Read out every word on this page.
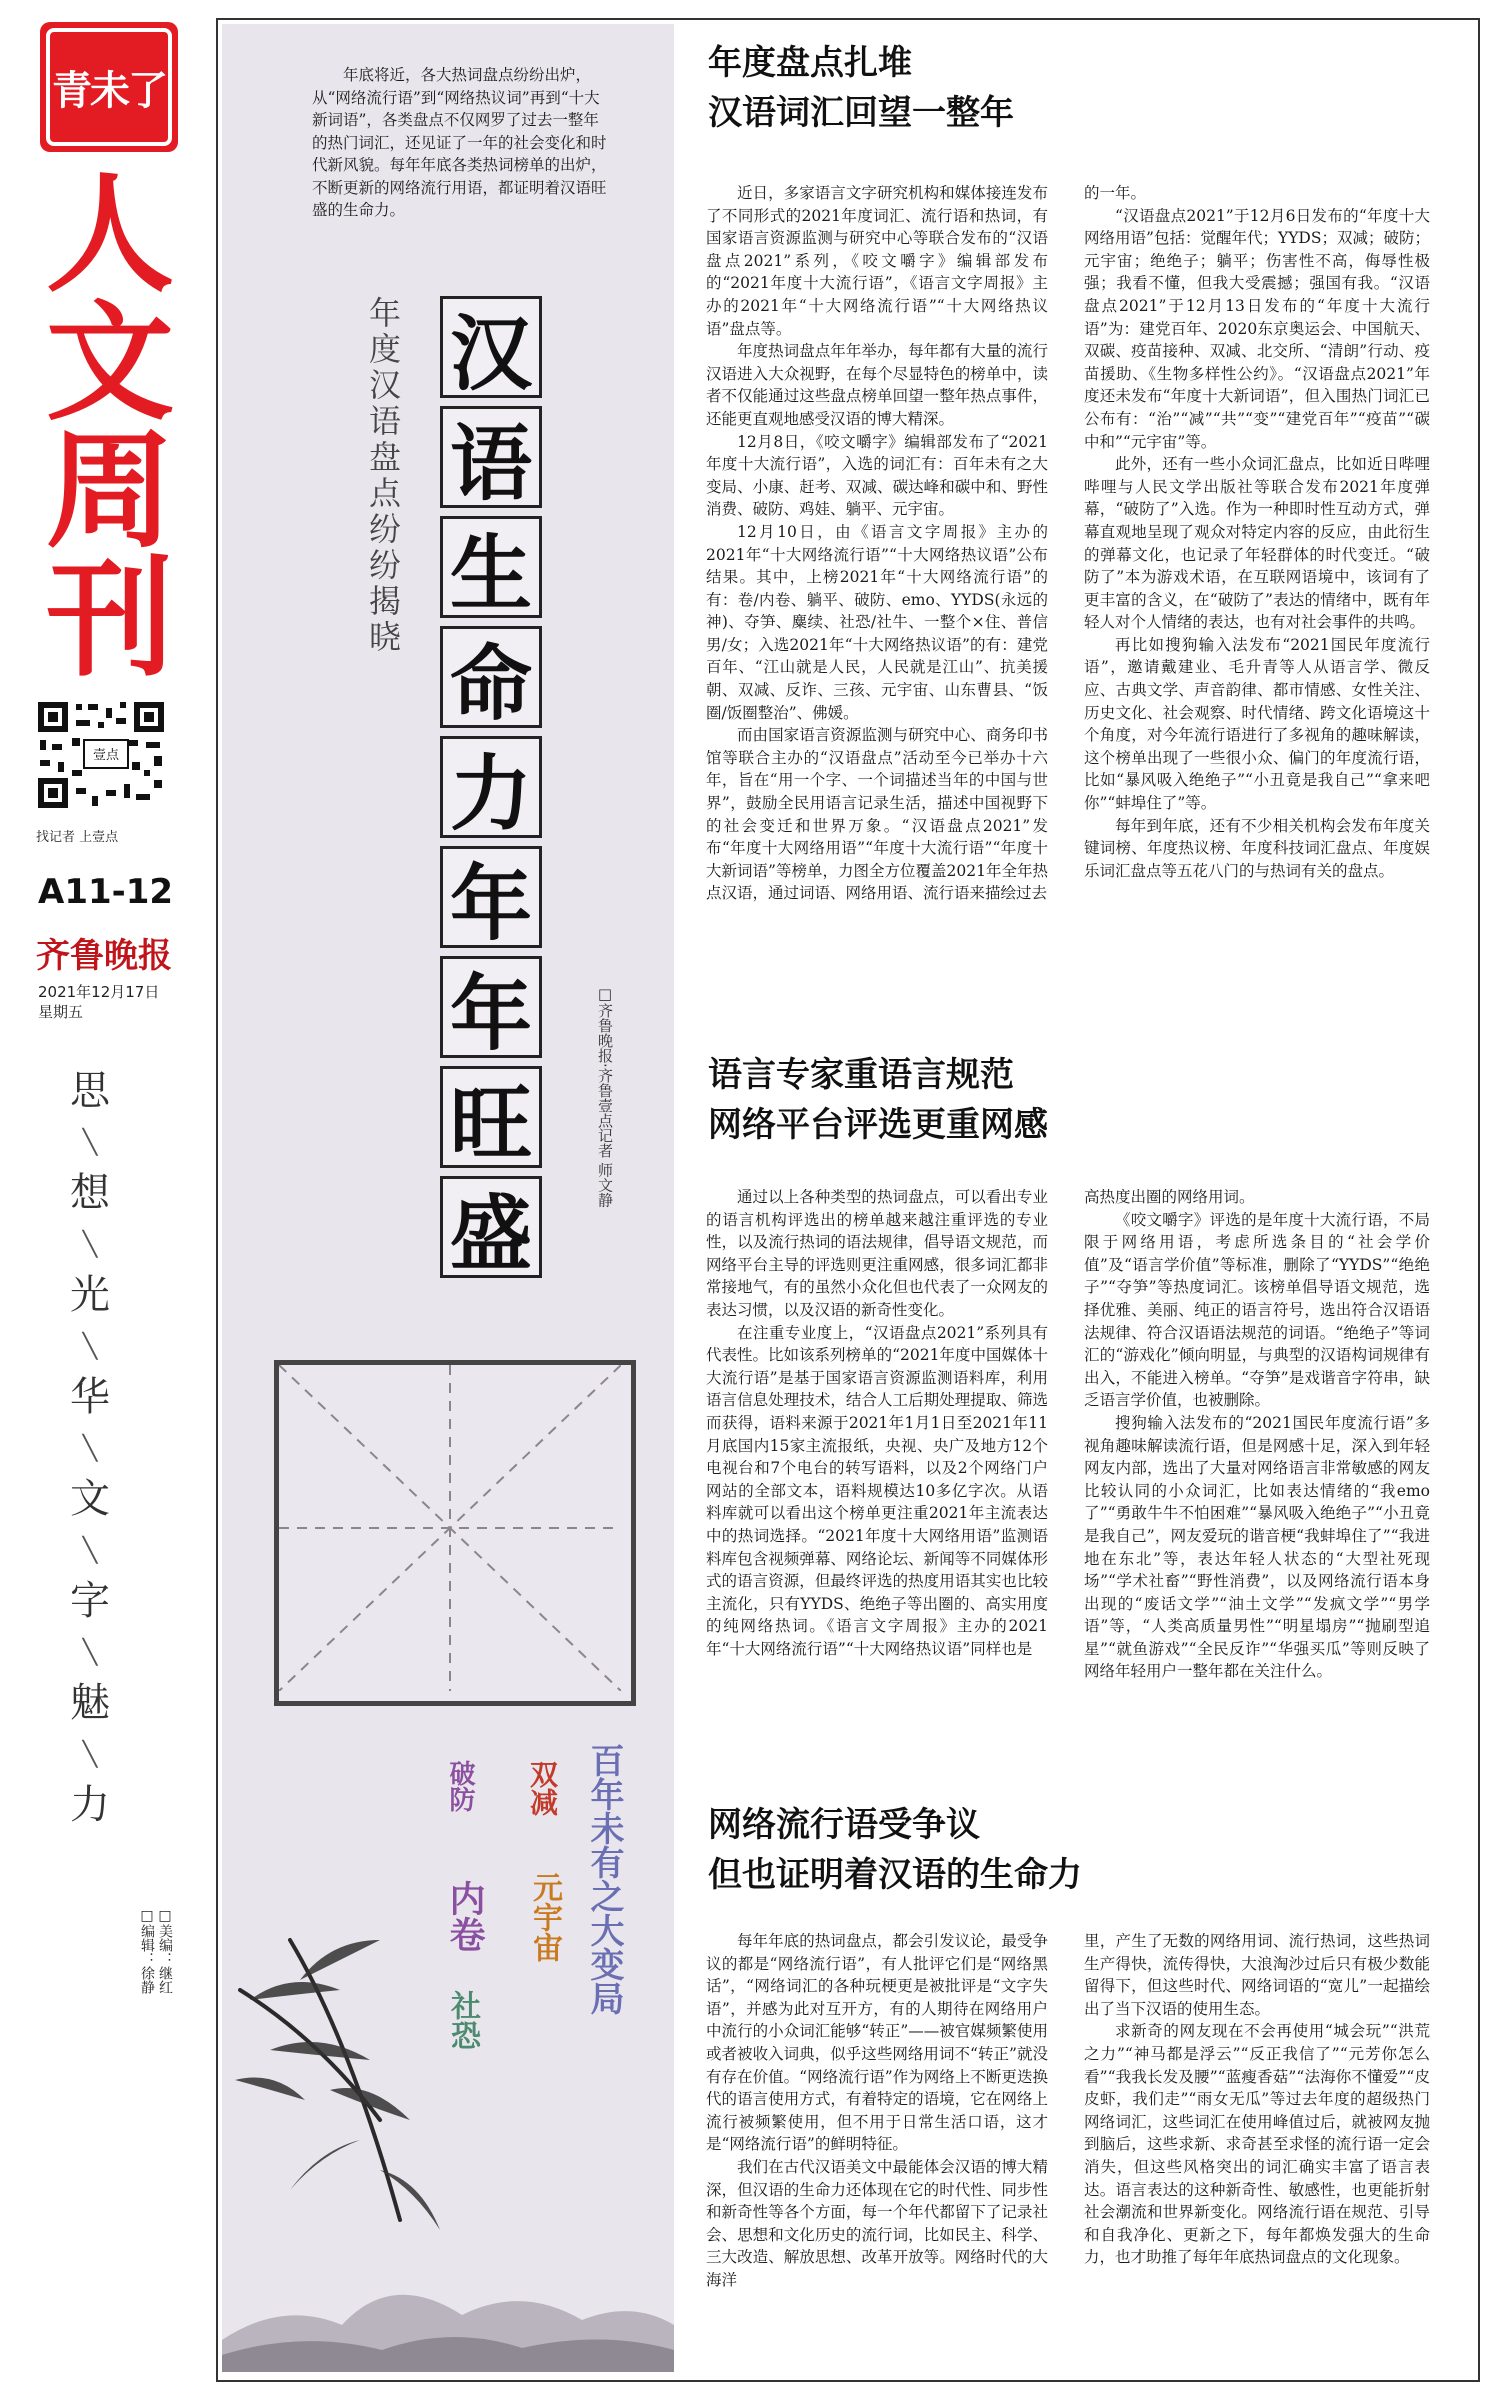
青未了
人
文
周
刊
壹点
找记者 上壹点
A11-12
齐鲁晚报
2021年12月17日
星期五
思
╲
想
╲
光
╲
华
╲
文
╲
字
╲
魅
╲
力
□美编：继红
□编辑：徐静
年底将近，各大热词盘点纷纷出炉，从“网络流行语”到“网络热议词”再到“十大新词语”，各类盘点不仅网罗了过去一整年的热门词汇，还见证了一年的社会变化和时代新风貌。每年年底各类热词榜单的出炉，不断更新的网络流行用语，都证明着汉语旺盛的生命力。
年度汉语盘点纷纷揭晓 汉
语
生
命
力
年
年
旺
盛
□齐鲁晚报·齐鲁壹点记者 师文静
百年未有之大变局
双减
元宇宙
破防
内卷
社恐
年度盘点扎堆
汉语词汇回望一整年

近日，多家语言文字研究机构和媒体接连发布了不同形式的2021年度词汇、流行语和热词，有国家语言资源监测与研究中心等联合发布的“汉语盘点2021”系列，《咬文嚼字》编辑部发布的“2021年度十大流行语”，《语言文字周报》主办的2021年“十大网络流行语”“十大网络热议语”盘点等。

年度热词盘点年年举办，每年都有大量的流行汉语进入大众视野，在每个尽显特色的榜单中，读者不仅能通过这些盘点榜单回望一整年热点事件，还能更直观地感受汉语的博大精深。

12月8日，《咬文嚼字》编辑部发布了“2021年度十大流行语”，入选的词汇有：百年未有之大变局、小康、赶考、双减、碳达峰和碳中和、野性消费、破防、鸡娃、躺平、元宇宙。

12月10日，由《语言文字周报》主办的2021年“十大网络流行语”“十大网络热议语”公布结果。其中，上榜2021年“十大网络流行语”的有：卷/内卷、躺平、破防、emo、YYDS(永远的神)、夺笋、麋续、社恐/社牛、一整个×住、普信男/女；入选2021年“十大网络热议语”的有：建党百年、“江山就是人民，人民就是江山”、抗美援朝、双减、反诈、三孩、元宇宙、山东曹县、“饭圈/饭圈整治”、佛媛。

而由国家语言资源监测与研究中心、商务印书馆等联合主办的“汉语盘点”活动至今已举办十六年，旨在“用一个字、一个词描述当年的中国与世界”，鼓励全民用语言记录生活，描述中国视野下的社会变迁和世界万象。“汉语盘点2021”发布“年度十大网络用语”“年度十大流行语”“年度十大新词语”等榜单，力图全方位覆盖2021年全年热点汉语，通过词语、网络用语、流行语来描绘过去

的一年。

“汉语盘点2021”于12月6日发布的“年度十大网络用语”包括：觉醒年代；YYDS；双减；破防；元宇宙；绝绝子；躺平；伤害性不高，侮辱性极强；我看不懂，但我大受震撼；强国有我。“汉语盘点2021”于12月13日发布的“年度十大流行语”为：建党百年、2020东京奥运会、中国航天、双碳、疫苗接种、双减、北交所、“清朗”行动、疫苗援助、《生物多样性公约》。“汉语盘点2021”年度还未发布“年度十大新词语”，但入围热门词汇已公布有：“治”“减”“共”“变”“建党百年”“疫苗”“碳中和”“元宇宙”等。

此外，还有一些小众词汇盘点，比如近日哔哩哔哩与人民文学出版社等联合发布2021年度弹幕，“破防了”入选。作为一种即时性互动方式，弹幕直观地呈现了观众对特定内容的反应，由此衍生的弹幕文化，也记录了年轻群体的时代变迁。“破防了”本为游戏术语，在互联网语境中，该词有了更丰富的含义，在“破防了”表达的情绪中，既有年轻人对个人情绪的表达，也有对社会事件的共鸣。

再比如搜狗输入法发布“2021国民年度流行语”，邀请戴建业、毛升青等人从语言学、微反应、古典文学、声音韵律、都市情感、女性关注、历史文化、社会观察、时代情绪、跨文化语境这十个角度，对今年流行语进行了多视角的趣味解读，这个榜单出现了一些很小众、偏门的年度流行语，比如“暴风吸入绝绝子”“小丑竟是我自己”“拿来吧你”“蚌埠住了”等。

每年到年底，还有不少相关机构会发布年度关键词榜、年度热议榜、年度科技词汇盘点、年度娱乐词汇盘点等五花八门的与热词有关的盘点。

语言专家重语言规范
网络平台评选更重网感

通过以上各种类型的热词盘点，可以看出专业的语言机构评选出的榜单越来越注重评选的专业性，以及流行热词的语法规律，倡导语文规范，而网络平台主导的评选则更注重网感，很多词汇都非常接地气，有的虽然小众化但也代表了一众网友的表达习惯，以及汉语的新奇性变化。

在注重专业度上，“汉语盘点2021”系列具有代表性。比如该系列榜单的“2021年度中国媒体十大流行语”是基于国家语言资源监测语料库，利用语言信息处理技术，结合人工后期处理提取、筛选而获得，语料来源于2021年1月1日至2021年11月底国内15家主流报纸，央视、央广及地方12个电视台和7个电台的转写语料，以及2个网络门户网站的全部文本，语料规模达10多亿字次。从语料库就可以看出这个榜单更注重2021年主流表达中的热词选择。“2021年度十大网络用语”监测语料库包含视频弹幕、网络论坛、新闻等不同媒体形式的语言资源，但最终评选的热度用语其实也比较主流化，只有YYDS、绝绝子等出圈的、高实用度的纯网络热词。《语言文字周报》主办的2021年“十大网络流行语”“十大网络热议语”同样也是

高热度出圈的网络用词。

《咬文嚼字》评选的是年度十大流行语，不局限于网络用语，考虑所选条目的“社会学价值”及“语言学价值”等标准，删除了“YYDS”“绝绝子”“夺笋”等热度词汇。该榜单倡导语文规范，选择优雅、美丽、纯正的语言符号，选出符合汉语语法规律、符合汉语语法规范的词语。“绝绝子”等词汇的“游戏化”倾向明显，与典型的汉语构词规律有出入，不能进入榜单。“夺笋”是戏谐音字符串，缺乏语言学价值，也被删除。

搜狗输入法发布的“2021国民年度流行语”多视角趣味解读流行语，但是网感十足，深入到年轻网友内部，选出了大量对网络语言非常敏感的网友比较认同的小众词汇，比如表达情绪的“我emo了”“勇敢牛牛不怕困难”“暴风吸入绝绝子”“小丑竟是我自己”，网友爱玩的谐音梗“我蚌埠住了”“我进地在东北”等，表达年轻人状态的“大型社死现场”“学术社畜”“野性消费”，以及网络流行语本身出现的“废话文学”“油土文学”“发疯文学”“男学语”等，“人类高质量男性”“明星塌房”“抛刷型追星”“就鱼游戏”“全民反诈”“华强买瓜”等则反映了网络年轻用户一整年都在关注什么。

网络流行语受争议
但也证明着汉语的生命力

每年年底的热词盘点，都会引发议论，最受争议的都是“网络流行语”，有人批评它们是“网络黑话”，“网络词汇的各种玩梗更是被批评是“文字失语”，并感为此对互开方，有的人期待在网络用户中流行的小众词汇能够“转正”——被官媒频繁使用或者被收入词典，似乎这些网络用词不“转正”就没有存在价值。“网络流行语”作为网络上不断更迭换代的语言使用方式，有着特定的语境，它在网络上流行被频繁使用，但不用于日常生活口语，这才是“网络流行语”的鲜明特征。

我们在古代汉语美文中最能体会汉语的博大精深，但汉语的生命力还体现在它的时代性、同步性和新奇性等各个方面，每一个年代都留下了记录社会、思想和文化历史的流行词，比如民主、科学、三大改造、解放思想、改革开放等。网络时代的大海洋

里，产生了无数的网络用词、流行热词，这些热词生产得快，流传得快，大浪淘沙过后只有极少数能留得下，但这些时代、网络词语的“宽儿”一起描绘出了当下汉语的使用生态。

求新奇的网友现在不会再使用“城会玩”“洪荒之力”“神马都是浮云”“反正我信了”“元芳你怎么看”“我我长发及腰”“蓝瘦香菇”“法海你不懂爱”“皮皮虾，我们走”“雨女无瓜”等过去年度的超级热门网络词汇，这些词汇在使用峰值过后，就被网友抛到脑后，这些求新、求奇甚至求怪的流行语一定会消失，但这些风格突出的词汇确实丰富了语言表达。语言表达的这种新奇性、敏感性，也更能折射社会潮流和世界新变化。网络流行语在规范、引导和自我净化、更新之下，每年都焕发强大的生命力，也才助推了每年年底热词盘点的文化现象。
